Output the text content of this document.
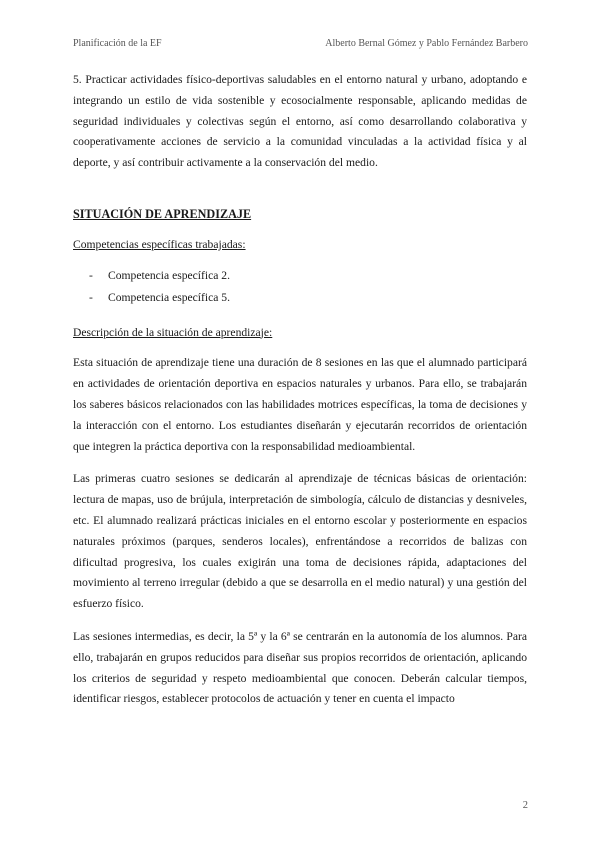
Planificación de la EF	Alberto Bernal Gómez y Pablo Fernández Barbero

5. Practicar actividades físico-deportivas saludables en el entorno natural y urbano, adoptando e integrando un estilo de vida sostenible y ecosocialmente responsable, aplicando medidas de seguridad individuales y colectivas según el entorno, así como desarrollando colaborativa y cooperativamente acciones de servicio a la comunidad vinculadas a la actividad física y al deporte, y así contribuir activamente a la conservación del medio.

SITUACIÓN DE APRENDIZAJE
Competencias específicas trabajadas:
-	Competencia específica 2.
-	Competencia específica 5.
Descripción de la situación de aprendizaje:

Esta situación de aprendizaje tiene una duración de 8 sesiones en las que el alumnado participará en actividades de orientación deportiva en espacios naturales y urbanos. Para ello, se trabajarán los saberes básicos relacionados con las habilidades motrices específicas, la toma de decisiones y la interacción con el entorno. Los estudiantes diseñarán y ejecutarán recorridos de orientación que integren la práctica deportiva con la responsabilidad medioambiental.

Las primeras cuatro sesiones se dedicarán al aprendizaje de técnicas básicas de orientación: lectura de mapas, uso de brújula, interpretación de simbología, cálculo de distancias y desniveles, etc. El alumnado realizará prácticas iniciales en el entorno escolar y posteriormente en espacios naturales próximos (parques, senderos locales), enfrentándose a recorridos de balizas con dificultad progresiva, los cuales exigirán una toma de decisiones rápida, adaptaciones del movimiento al terreno irregular (debido a que se desarrolla en el medio natural) y una gestión del esfuerzo físico.

Las sesiones intermedias, es decir, la 5ª y la 6ª se centrarán en la autonomía de los alumnos. Para ello, trabajarán en grupos reducidos para diseñar sus propios recorridos de orientación, aplicando los criterios de seguridad y respeto medioambiental que conocen. Deberán calcular tiempos, identificar riesgos, establecer protocolos de actuación y tener en cuenta el impacto

2
